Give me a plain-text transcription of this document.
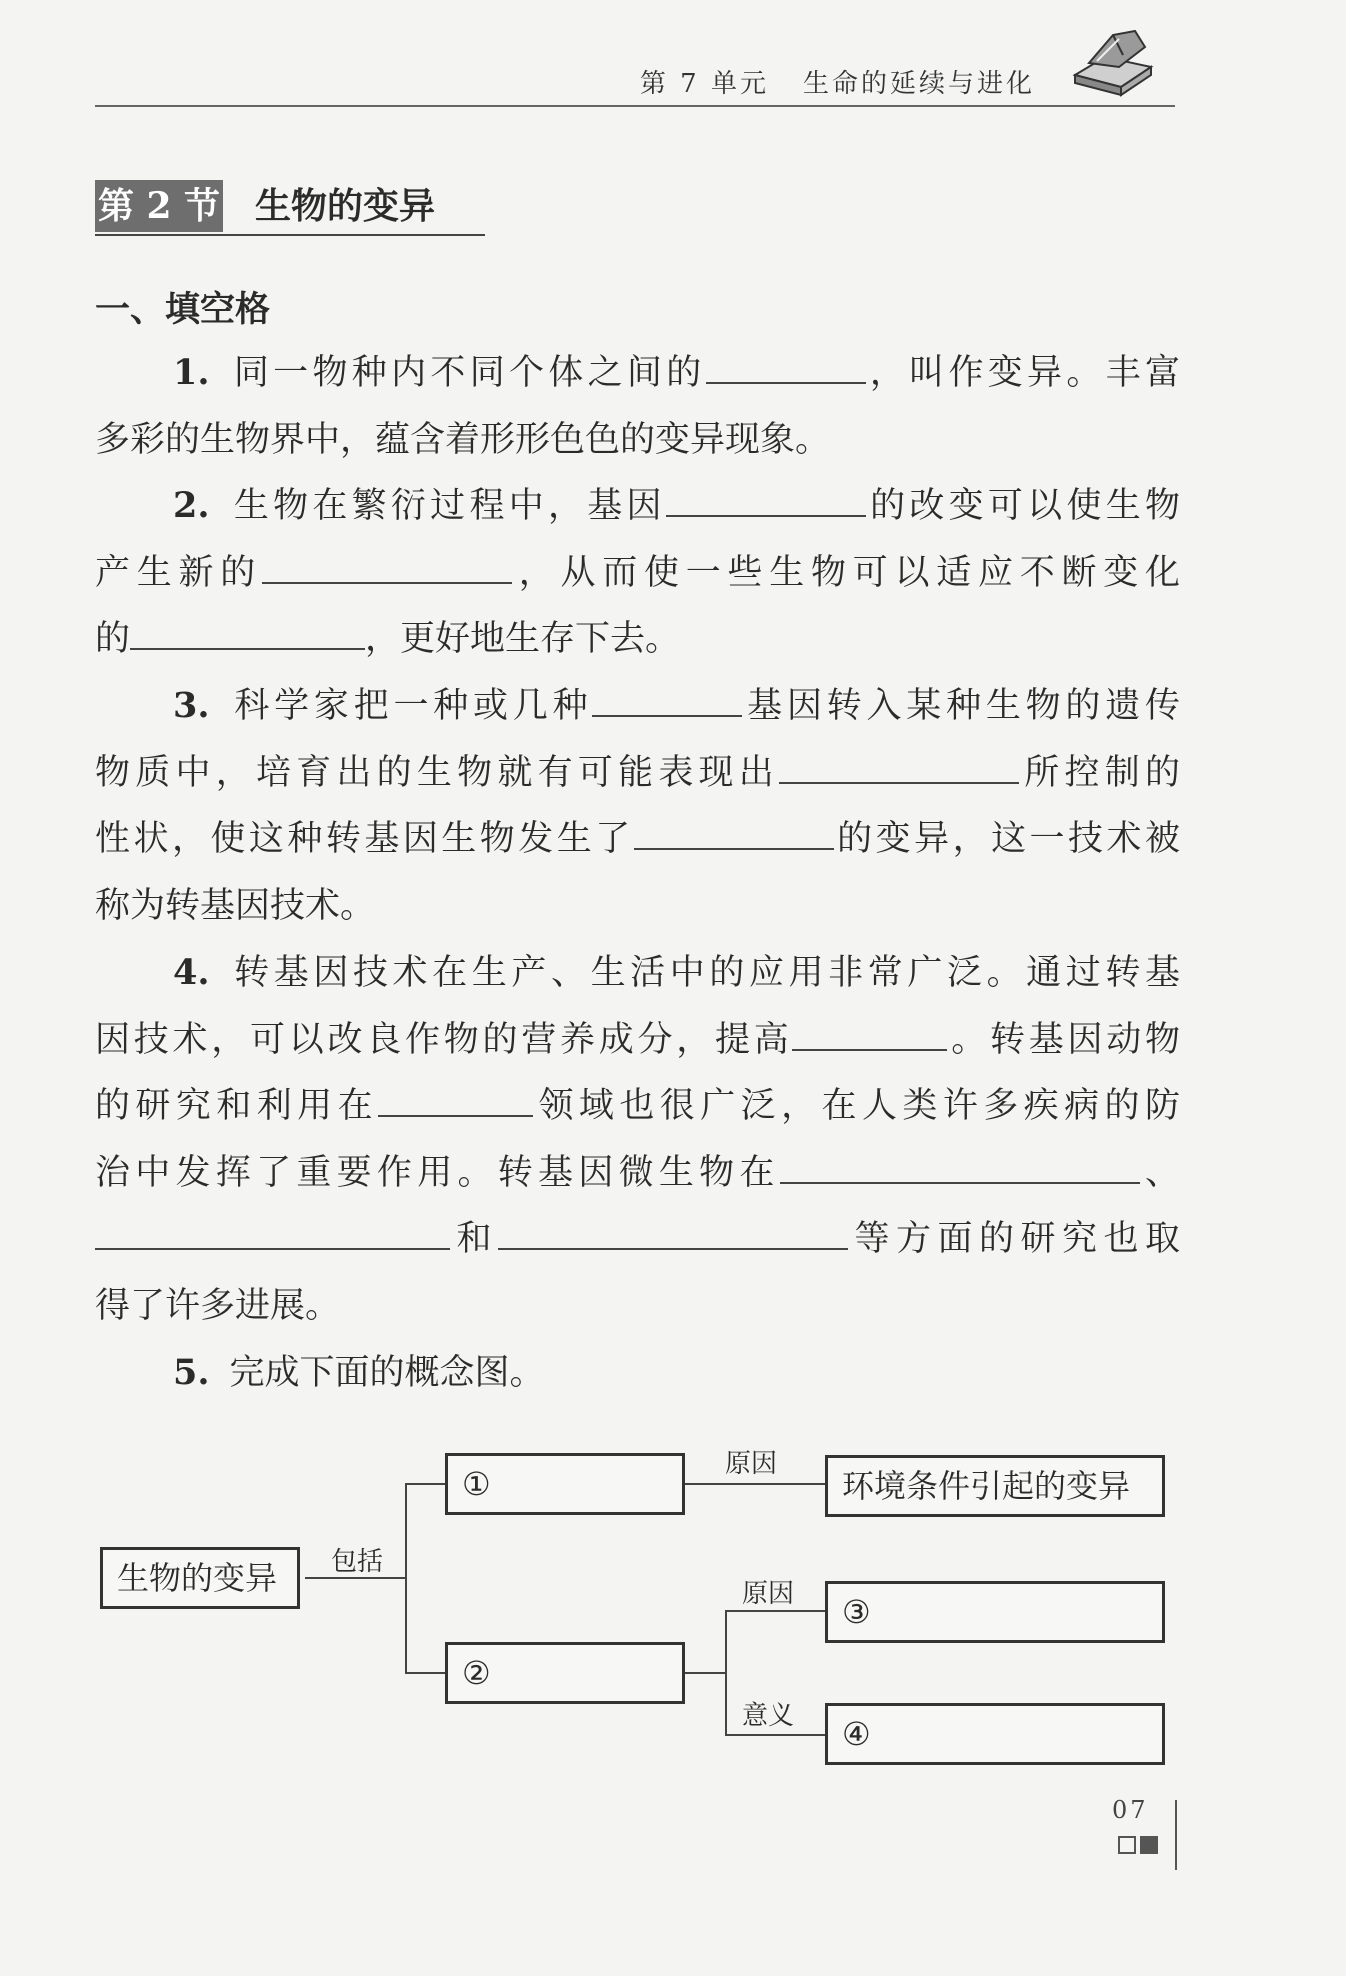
第 7 单元 生命的延续与进化
第 2 节 生物的变异
一、填空格
1. 同一物种内不同个体之间的	，叫作变异。丰富
多彩的生物界中，蕴含着形形色色的变异现象。
2. 生物在繁衍过程中，基因	的改变可以使生物
产生新的	，从而使一些生物可以适应不断变化
的	，更好地生存下去。
3. 科学家把一种或几种	基因转入某种生物的遗传
物质中，培育出的生物就有可能表现出	所控制的
性状，使这种转基因生物发生了	的变异，这一技术被
称为转基因技术。
4. 转基因技术在生产、生活中的应用非常广泛。通过转基
因技术，可以改良作物的营养成分，提高	。转基因动物
的研究和利用在	领域也很广泛，在人类许多疾病的防
治中发挥了重要作用。转基因微生物在	、
和	等方面的研究也取
得了许多进展。
5. 完成下面的概念图。
生物的变异
①
②
环境条件引起的变异
③
④
包括
原因
原因
意义
07
